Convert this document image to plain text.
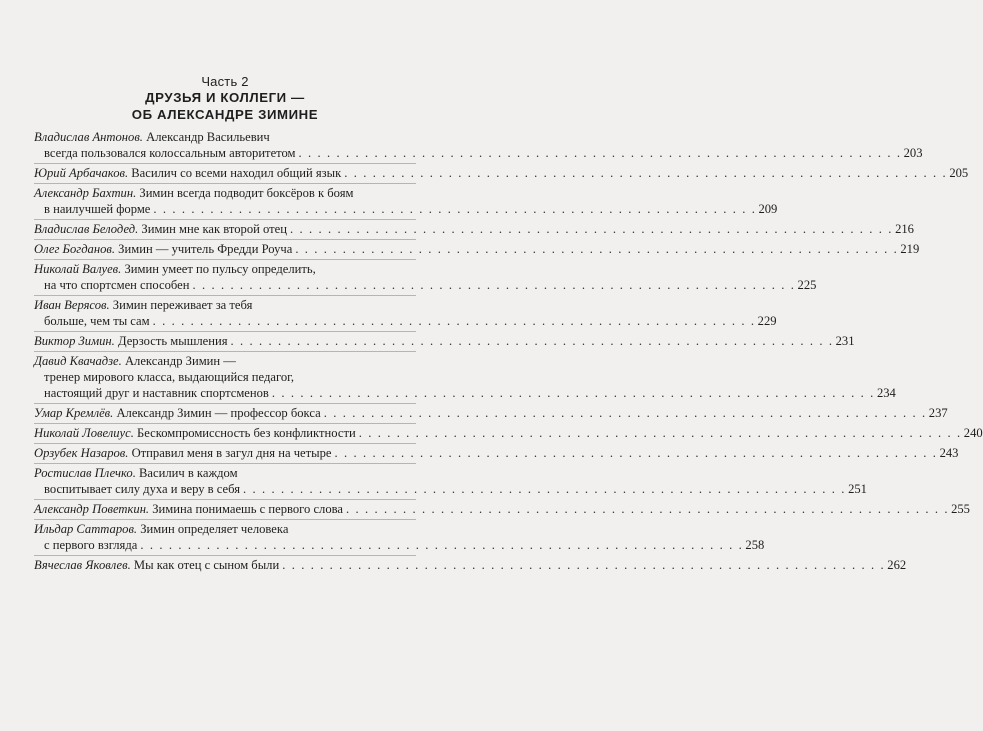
Часть 2
ДРУЗЬЯ И КОЛЛЕГИ —
ОБ АЛЕКСАНДРЕ ЗИМИНЕ
Владислав Антонов. Александр Васильевич
всегда пользовался колоссальным авторитетом . . . . . . . . . . . . . . . . . . . . . . . . . . . . . . . . . . . . . . . . . . . . . . . . . . . . . . . . . . . . . . . . 203
Юрий Арбачаков. Василич со всеми находил общий язык . . . . . . . . . . . . . . . . . . . . . . . . . . . . . . . . . . . . . . . . . . . . . . . . . . . . . . . . . . . . . . . . 205
Александр Бахтин. Зимин всегда подводит боксёров к боям
в наилучшей форме . . . . . . . . . . . . . . . . . . . . . . . . . . . . . . . . . . . . . . . . . . . . . . . . . . . . . . . . . . . . . . . . 209
Владислав Белодед. Зимин мне как второй отец . . . . . . . . . . . . . . . . . . . . . . . . . . . . . . . . . . . . . . . . . . . . . . . . . . . . . . . . . . . . . . . . 216
Олег Богданов. Зимин — учитель Фредди Роуча . . . . . . . . . . . . . . . . . . . . . . . . . . . . . . . . . . . . . . . . . . . . . . . . . . . . . . . . . . . . . . . . 219
Николай Валуев. Зимин умеет по пульсу определить,
на что спортсмен способен . . . . . . . . . . . . . . . . . . . . . . . . . . . . . . . . . . . . . . . . . . . . . . . . . . . . . . . . . . . . . . . . 225
Иван Верясов. Зимин переживает за тебя
больше, чем ты сам . . . . . . . . . . . . . . . . . . . . . . . . . . . . . . . . . . . . . . . . . . . . . . . . . . . . . . . . . . . . . . . . 229
Виктор Зимин. Дерзость мышления . . . . . . . . . . . . . . . . . . . . . . . . . . . . . . . . . . . . . . . . . . . . . . . . . . . . . . . . . . . . . . . . 231
Давид Квачадзе. Александр Зимин —
тренер мирового класса, выдающийся педагог,
настоящий друг и наставник спортсменов . . . . . . . . . . . . . . . . . . . . . . . . . . . . . . . . . . . . . . . . . . . . . . . . . . . . . . . . . . . . . . . . 234
Умар Кремлёв. Александр Зимин — профессор бокса . . . . . . . . . . . . . . . . . . . . . . . . . . . . . . . . . . . . . . . . . . . . . . . . . . . . . . . . . . . . . . . . 237
Николай Ловелиус. Бескомпромиссность без конфликтности . . . . . . . . . . . . . . . . . . . . . . . . . . . . . . . . . . . . . . . . . . . . . . . . . . . . . . . . . . . . . . . . 240
Орзубек Назаров. Отправил меня в загул дня на четыре . . . . . . . . . . . . . . . . . . . . . . . . . . . . . . . . . . . . . . . . . . . . . . . . . . . . . . . . . . . . . . . . 243
Ростислав Плечко. Василич в каждом
воспитывает силу духа и веру в себя . . . . . . . . . . . . . . . . . . . . . . . . . . . . . . . . . . . . . . . . . . . . . . . . . . . . . . . . . . . . . . . . 251
Александр Поветкин. Зимина понимаешь с первого слова . . . . . . . . . . . . . . . . . . . . . . . . . . . . . . . . . . . . . . . . . . . . . . . . . . . . . . . . . . . . . . . . 255
Ильдар Саттаров. Зимин определяет человека
с первого взгляда . . . . . . . . . . . . . . . . . . . . . . . . . . . . . . . . . . . . . . . . . . . . . . . . . . . . . . . . . . . . . . . . 258
Вячеслав Яковлев. Мы как отец с сыном были . . . . . . . . . . . . . . . . . . . . . . . . . . . . . . . . . . . . . . . . . . . . . . . . . . . . . . . . . . . . . . . . 262
